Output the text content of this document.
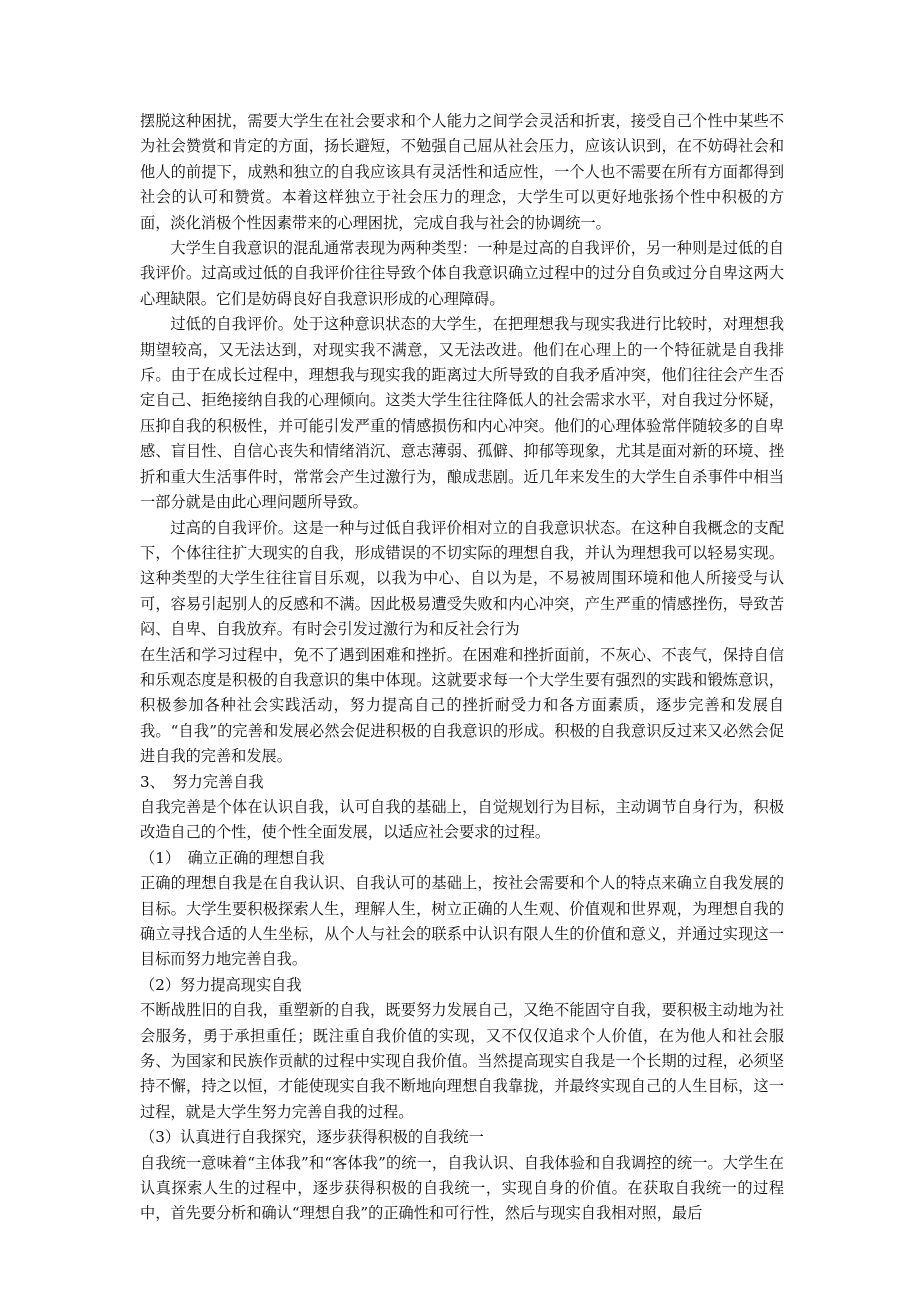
摆脱这种困扰，需要大学生在社会要求和个人能力之间学会灵活和折衷，接受自己个性中某些不为社会赞赏和肯定的方面，扬长避短，不勉强自己屈从社会压力，应该认识到，在不妨碍社会和他人的前提下，成熟和独立的自我应该具有灵活性和适应性，一个人也不需要在所有方面都得到社会的认可和赞赏。本着这样独立于社会压力的理念，大学生可以更好地张扬个性中积极的方面，淡化消极个性因素带来的心理困扰，完成自我与社会的协调统一。

大学生自我意识的混乱通常表现为两种类型：一种是过高的自我评价，另一种则是过低的自我评价。过高或过低的自我评价往往导致个体自我意识确立过程中的过分自负或过分自卑这两大心理缺限。它们是妨碍良好自我意识形成的心理障碍。

过低的自我评价。处于这种意识状态的大学生，在把理想我与现实我进行比较时，对理想我期望较高，又无法达到，对现实我不满意，又无法改进。他们在心理上的一个特征就是自我排斥。由于在成长过程中，理想我与现实我的距离过大所导致的自我矛盾冲突，他们往往会产生否定自己、拒绝接纳自我的心理倾向。这类大学生往往降低人的社会需求水平，对自我过分怀疑，压抑自我的积极性，并可能引发严重的情感损伤和内心冲突。他们的心理体验常伴随较多的自卑感、盲目性、自信心丧失和情绪消沉、意志薄弱、孤僻、抑郁等现象，尤其是面对新的环境、挫折和重大生活事件时，常常会产生过激行为，酿成悲剧。近几年来发生的大学生自杀事件中相当一部分就是由此心理问题所导致。

过高的自我评价。这是一种与过低自我评价相对立的自我意识状态。在这种自我概念的支配下，个体往往扩大现实的自我，形成错误的不切实际的理想自我，并认为理想我可以轻易实现。这种类型的大学生往往盲目乐观，以我为中心、自以为是，不易被周围环境和他人所接受与认可，容易引起别人的反感和不满。因此极易遭受失败和内心冲突，产生严重的情感挫伤，导致苦闷、自卑、自我放弃。有时会引发过激行为和反社会行为

在生活和学习过程中，免不了遇到困难和挫折。在困难和挫折面前，不灰心、不丧气，保持自信和乐观态度是积极的自我意识的集中体现。这就要求每一个大学生要有强烈的实践和锻炼意识，积极参加各种社会实践活动，努力提高自己的挫折耐受力和各方面素质，逐步完善和发展自我。“自我”的完善和发展必然会促进积极的自我意识的形成。积极的自我意识反过来又必然会促进自我的完善和发展。

3、　努力完善自我

自我完善是个体在认识自我，认可自我的基础上，自觉规划行为目标，主动调节自身行为，积极改造自己的个性，使个性全面发展，以适应社会要求的过程。

（1）　确立正确的理想自我

正确的理想自我是在自我认识、自我认可的基础上，按社会需要和个人的特点来确立自我发展的目标。大学生要积极探索人生，理解人生，树立正确的人生观、价值观和世界观，为理想自我的确立寻找合适的人生坐标，从个人与社会的联系中认识有限人生的价值和意义，并通过实现这一目标而努力地完善自我。

（2）努力提高现实自我

不断战胜旧的自我，重塑新的自我，既要努力发展自己，又绝不能固守自我，要积极主动地为社会服务，勇于承担重任；既注重自我价值的实现，又不仅仅追求个人价值，在为他人和社会服务、为国家和民族作贡献的过程中实现自我价值。当然提高现实自我是一个长期的过程，必须坚持不懈，持之以恒，才能使现实自我不断地向理想自我靠拢，并最终实现自己的人生目标，这一过程，就是大学生努力完善自我的过程。

（3）认真进行自我探究，逐步获得积极的自我统一

自我统一意味着“主体我”和“客体我”的统一，自我认识、自我体验和自我调控的统一。大学生在认真探索人生的过程中，逐步获得积极的自我统一，实现自身的价值。在获取自我统一的过程中，首先要分析和确认“理想自我”的正确性和可行性，然后与现实自我相对照，最后
